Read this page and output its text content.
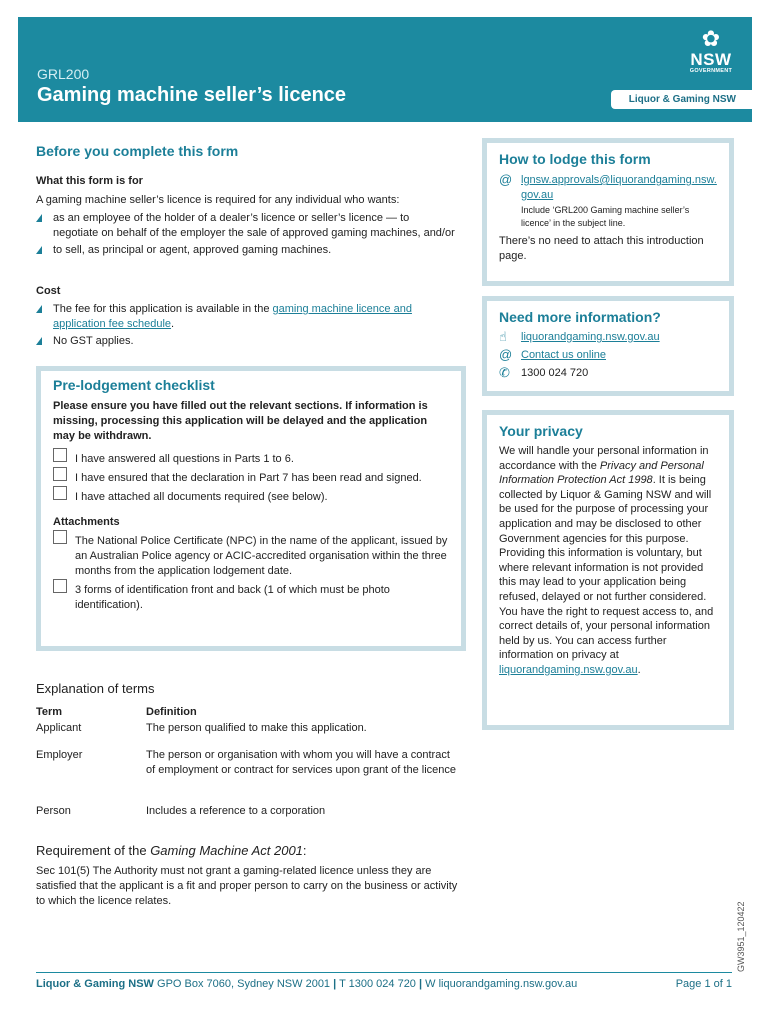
GRL200
Gaming machine seller’s licence	Liquor & Gaming NSW
✿
NSW
GOVERNMENT
Before you complete this form
What this form is for
A gaming machine seller’s licence is required for any individual who wants:
as an employee of the holder of a dealer’s licence or seller’s licence — to negotiate on behalf of the employer the sale of approved gaming machines, and/or
to sell, as principal or agent, approved gaming machines.
Cost
The fee for this application is available in the gaming machine licence and application fee schedule.
No GST applies.
Pre-lodgement checklist
Please ensure you have filled out the relevant sections. If information is missing, processing this application will be delayed and the application may be withdrawn.
I have answered all questions in Parts 1 to 6.
I have ensured that the declaration in Part 7 has been read and signed.
I have attached all documents required (see below).
Attachments
The National Police Certificate (NPC) in the name of the applicant, issued by an Australian Police agency or ACIC-accredited organisation within the three months from the application lodgement date.
3 forms of identification front and back (1 of which must be photo identification).
Explanation of terms
Term	Definition
Applicant	The person qualified to make this application.
Employer	The person or organisation with whom you will have a contract of employment or contract for services upon grant of the licence
Person	Includes a reference to a corporation
Requirement of the Gaming Machine Act 2001:
Sec 101(5) The Authority must not grant a gaming-related licence unless they are satisfied that the applicant is a fit and proper person to carry on the business or activity to which the licence relates.
How to lodge this form
@ lgnsw.approvals@liquorandgaming.nsw.gov.au
Include ‘GRL200 Gaming machine seller’s licence’ in the subject line.
There’s no need to attach this introduction page.
Need more information?
☝ liquorandgaming.nsw.gov.au
@ Contact us online
✆ 1300 024 720
Your privacy
We will handle your personal information in accordance with the Privacy and Personal Information Protection Act 1998. It is being collected by Liquor & Gaming NSW and will be used for the purpose of processing your application and may be disclosed to other Government agencies for this purpose. Providing this information is voluntary, but where relevant information is not provided this may lead to your application being refused, delayed or not further considered. You have the right to request access to, and correct details of, your personal information held by us. You can access further information on privacy at liquorandgaming.nsw.gov.au.
GW3951_120422
Liquor & Gaming NSW GPO Box 7060, Sydney NSW 2001 | T 1300 024 720 | W liquorandgaming.nsw.gov.au	Page 1 of 1
